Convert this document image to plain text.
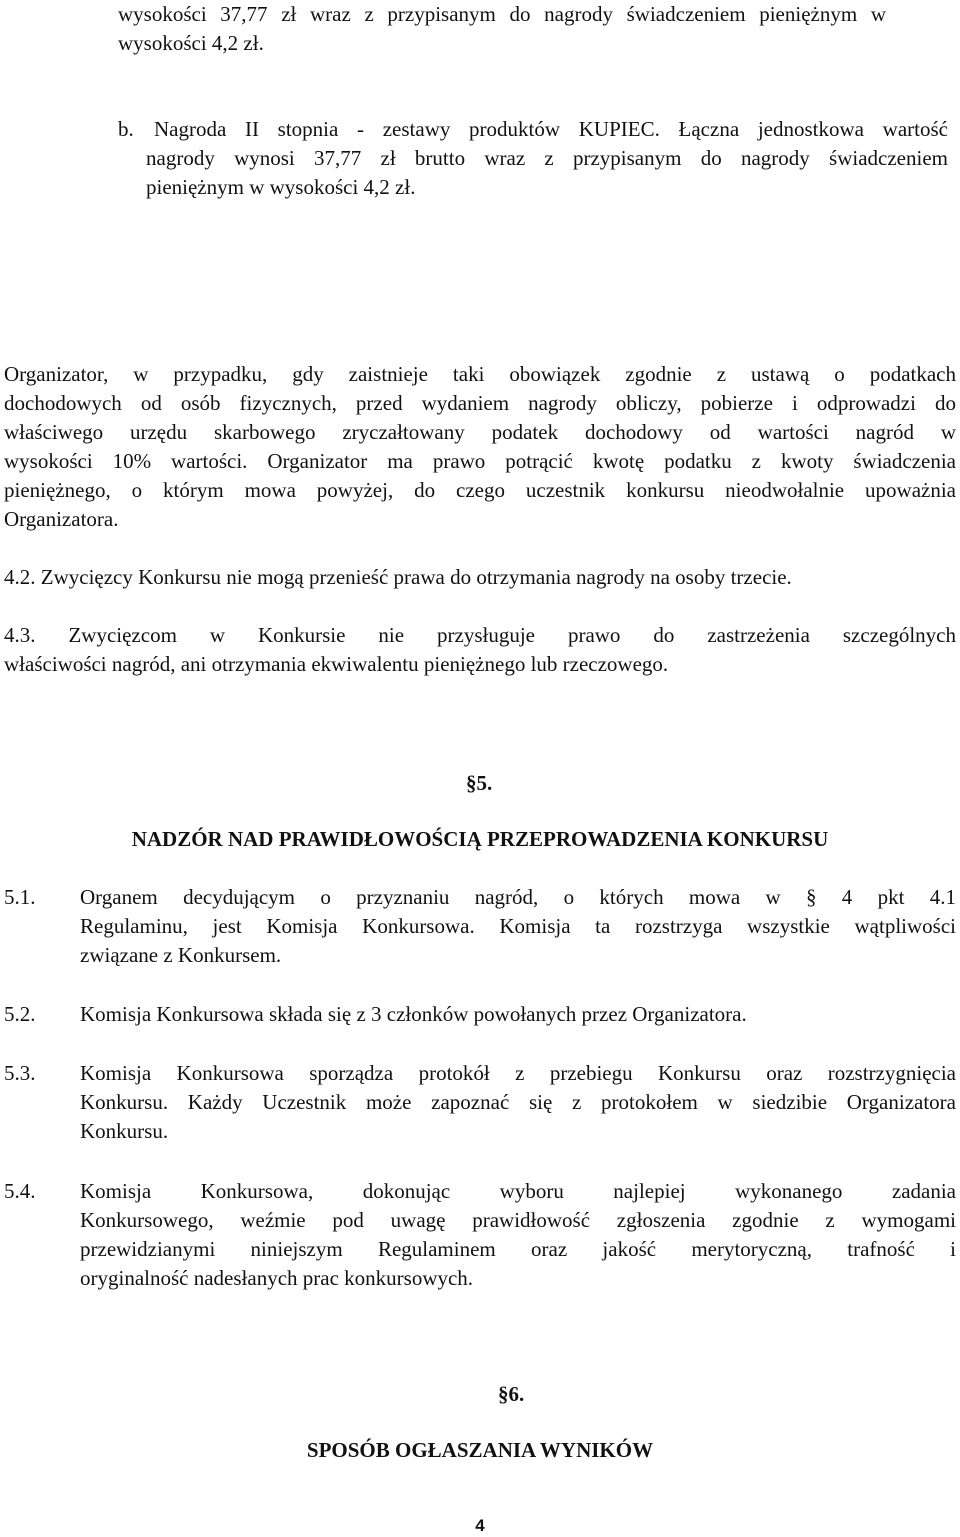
wysokości 37,77 zł wraz z przypisanym do nagrody świadczeniem pieniężnym w
wysokości 4,2 zł.
b. Nagroda II stopnia - zestawy produktów KUPIEC. Łączna jednostkowa wartość
nagrody wynosi 37,77 zł brutto wraz z przypisanym do nagrody świadczeniem
pieniężnym w wysokości 4,2 zł.
Organizator, w przypadku, gdy zaistnieje taki obowiązek zgodnie z ustawą o podatkach
dochodowych od osób fizycznych, przed wydaniem nagrody obliczy, pobierze i odprowadzi do
właściwego urzędu skarbowego zryczałtowany podatek dochodowy od wartości nagród w
wysokości 10% wartości. Organizator ma prawo potrącić kwotę podatku z kwoty świadczenia
pieniężnego, o którym mowa powyżej, do czego uczestnik konkursu nieodwołalnie upoważnia
Organizatora.
4.2. Zwycięzcy Konkursu nie mogą przenieść prawa do otrzymania nagrody na osoby trzecie.
4.3. Zwycięzcom w Konkursie nie przysługuje prawo do zastrzeżenia szczególnych
właściwości nagród, ani otrzymania ekwiwalentu pieniężnego lub rzeczowego.
§5.
NADZÓR NAD PRAWIDŁOWOŚCIĄ PRZEPROWADZENIA KONKURSU
5.1. Organem decydującym o przyznaniu nagród, o których mowa w § 4 pkt 4.1
Regulaminu, jest Komisja Konkursowa. Komisja ta rozstrzyga wszystkie wątpliwości
związane z Konkursem.
5.2. Komisja Konkursowa składa się z 3 członków powołanych przez Organizatora.
5.3. Komisja Konkursowa sporządza protokół z przebiegu Konkursu oraz rozstrzygnięcia
Konkursu. Każdy Uczestnik może zapoznać się z protokołem w siedzibie Organizatora
Konkursu.
5.4. Komisja Konkursowa, dokonując wyboru najlepiej wykonanego zadania
Konkursowego, weźmie pod uwagę prawidłowość zgłoszenia zgodnie z wymogami
przewidzianymi niniejszym Regulaminem oraz jakość merytoryczną, trafność i
oryginalność nadesłanych prac konkursowych.
§6.
SPOSÓB OGŁASZANIA WYNIKÓW
4
